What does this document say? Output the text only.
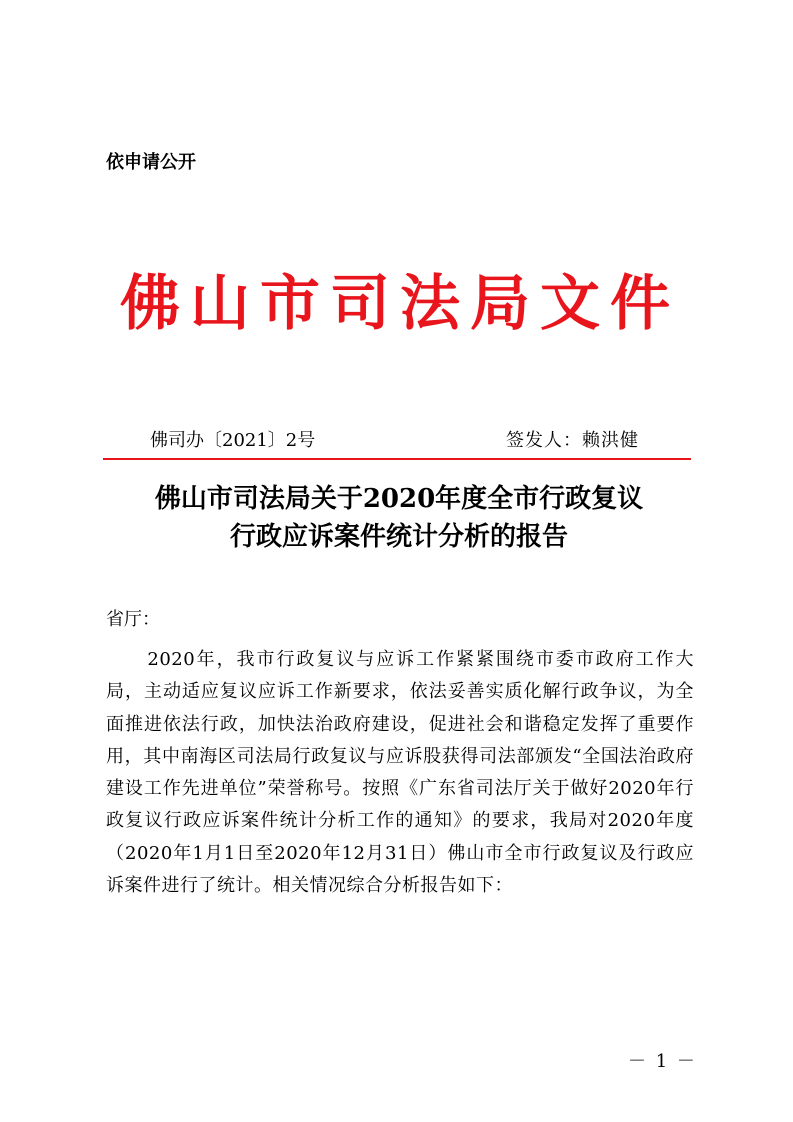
依申请公开
佛山市司法局文件
佛司办〔2021〕2号	签发人：赖洪健
佛山市司法局关于2020年度全市行政复议
行政应诉案件统计分析的报告
省厅：
2020年，我市行政复议与应诉工作紧紧围绕市委市政府工作大局，主动适应复议应诉工作新要求，依法妥善实质化解行政争议，为全面推进依法行政，加快法治政府建设，促进社会和谐稳定发挥了重要作用，其中南海区司法局行政复议与应诉股获得司法部颁发“全国法治政府建设工作先进单位”荣誉称号。按照《广东省司法厅关于做好2020年行政复议行政应诉案件统计分析工作的通知》的要求，我局对2020年度（2020年1月1日至2020年12月31日）佛山市全市行政复议及行政应诉案件进行了统计。相关情况综合分析报告如下：
－ 1 －
